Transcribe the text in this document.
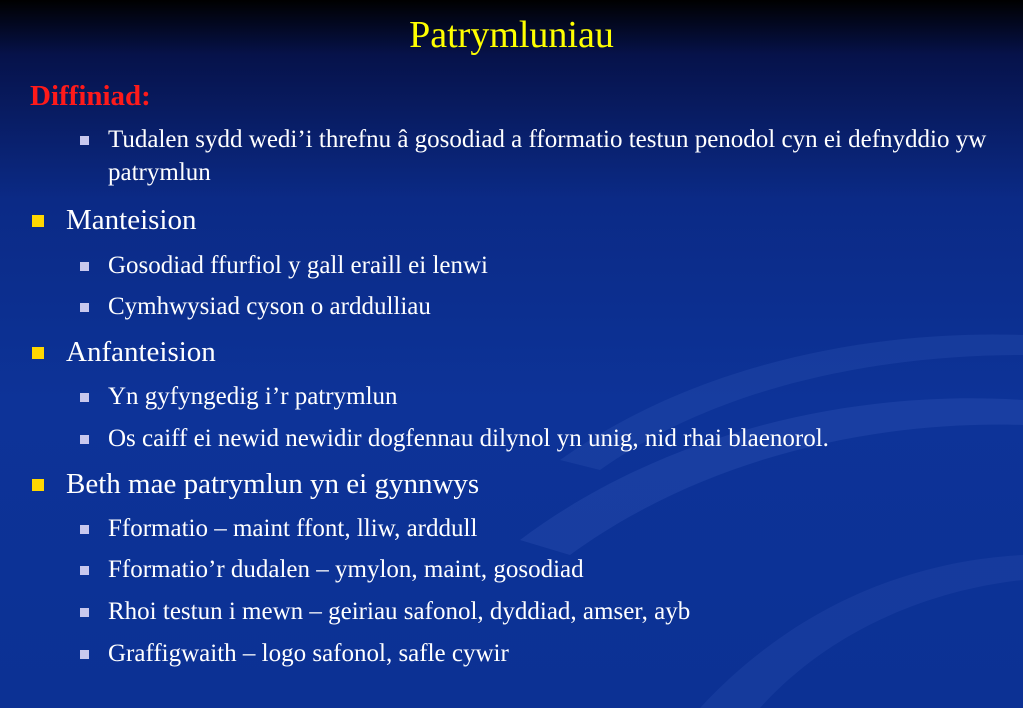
Patrymluniau
Diffiniad:
Tudalen sydd wedi’i threfnu â gosodiad a fformatio testun penodol cyn ei defnyddio yw patrymlun
Manteision
Gosodiad ffurfiol y gall eraill ei lenwi
Cymhwysiad cyson o arddulliau
Anfanteision
Yn gyfyngedig i’r patrymlun
Os caiff ei newid newidir dogfennau dilynol yn unig, nid rhai blaenorol.
Beth mae patrymlun yn ei gynnwys
Fformatio – maint ffont, lliw, arddull
Fformatio’r dudalen – ymylon, maint, gosodiad
Rhoi testun i mewn – geiriau safonol, dyddiad, amser, ayb
Graffigwaith – logo safonol, safle cywir
